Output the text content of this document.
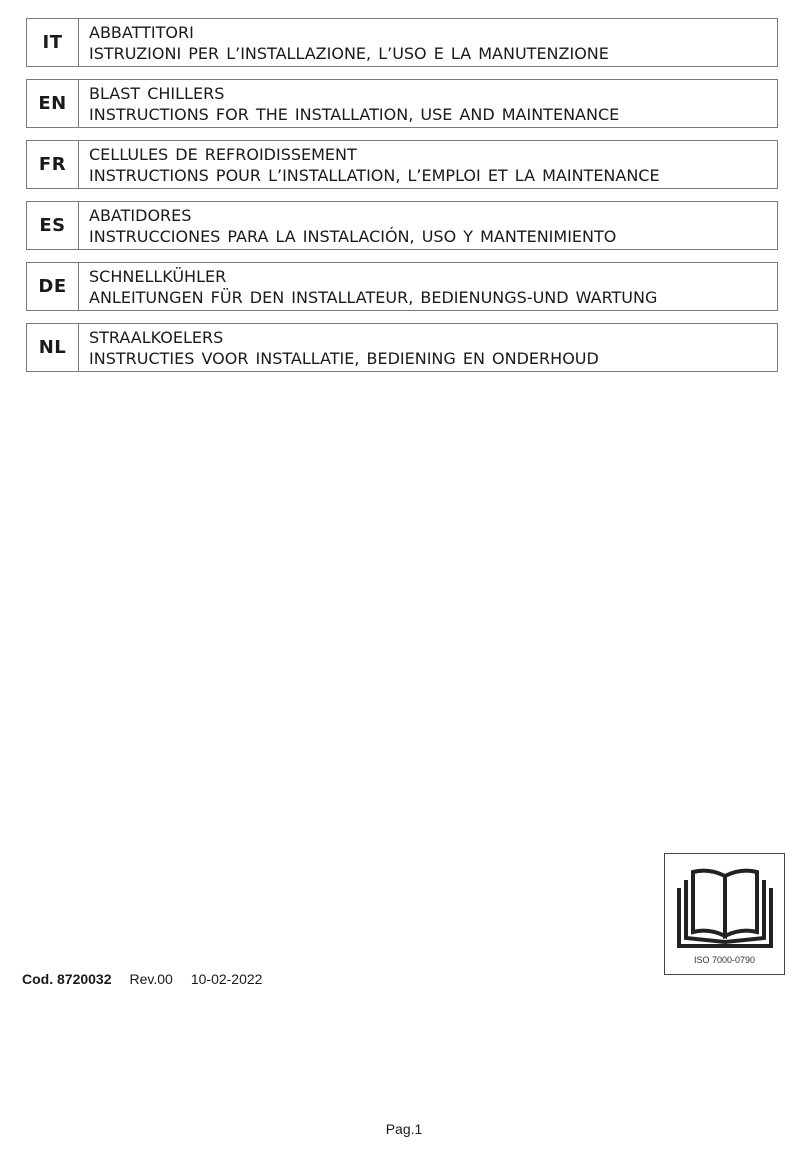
IT	ABBATTITORI
ISTRUZIONI PER L’INSTALLAZIONE, L’USO E LA MANUTENZIONE
EN	BLAST CHILLERS
INSTRUCTIONS FOR THE INSTALLATION, USE AND MAINTENANCE
FR	CELLULES DE REFROIDISSEMENT
INSTRUCTIONS POUR L’INSTALLATION, L’EMPLOI ET LA MAINTENANCE
ES	ABATIDORES
INSTRUCCIONES PARA LA INSTALACIÓN, USO Y MANTENIMIENTO
DE	SCHNELLKÜHLER
ANLEITUNGEN FÜR DEN INSTALLATEUR, BEDIENUNGS-UND WARTUNG
NL	STRAALKOELERS
INSTRUCTIES VOOR INSTALLATIE, BEDIENING EN ONDERHOUD
ISO 7000-0790
Cod. 8720032 Rev.00 10-02-2022
Pag.1
